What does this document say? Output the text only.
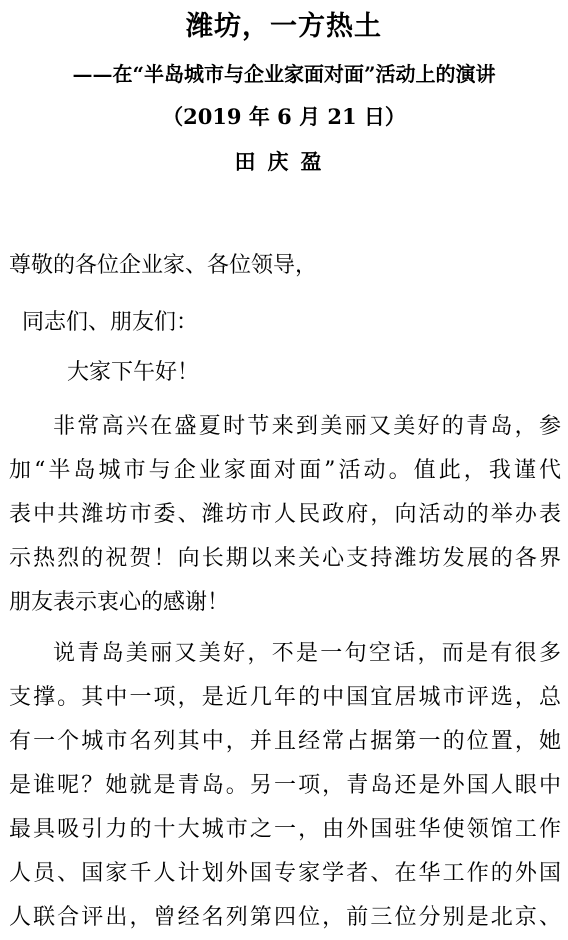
潍坊，一方热土
——在“半岛城市与企业家面对面”活动上的演讲
（2019 年 6 月 21 日）
田庆盈
尊敬的各位企业家、各位领导，
同志们、朋友们：
大家下午好！
非常高兴在盛夏时节来到美丽又美好的青岛，参
加“半岛城市与企业家面对面”活动。值此，我谨代
表中共潍坊市委、潍坊市人民政府，向活动的举办表
示热烈的祝贺！向长期以来关心支持潍坊发展的各界
朋友表示衷心的感谢！
说青岛美丽又美好，不是一句空话，而是有很多
支撑。其中一项，是近几年的中国宜居城市评选，总
有一个城市名列其中，并且经常占据第一的位置，她
是谁呢？她就是青岛。另一项，青岛还是外国人眼中
最具吸引力的十大城市之一，由外国驻华使领馆工作
人员、国家千人计划外国专家学者、在华工作的外国
人联合评出，曾经名列第四位，前三位分别是北京、
